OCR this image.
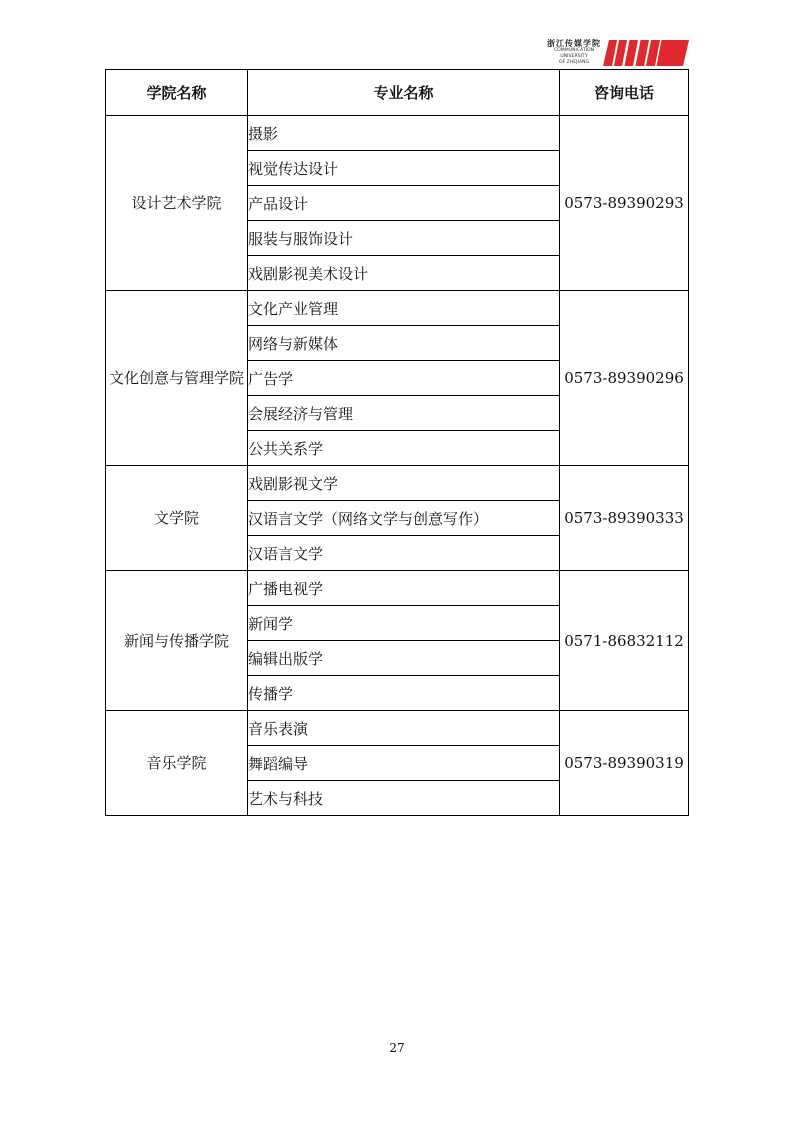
浙江传媒学院
COMMUNICATION
UNIVERSITY
OF ZHEJIANG
学院名称	专业名称	咨询电话
设计艺术学院	摄影	0573-89390293
	视觉传达设计	
	产品设计	
	服装与服饰设计	
	戏剧影视美术设计	
文化创意与管理学院	文化产业管理	0573-89390296
	网络与新媒体	
	广告学	
	会展经济与管理	
	公共关系学	
文学院	戏剧影视文学	0573-89390333
	汉语言文学（网络文学与创意写作）	
	汉语言文学	
新闻与传播学院	广播电视学	0571-86832112
	新闻学	
	编辑出版学	
	传播学	
音乐学院	音乐表演	0573-89390319
	舞蹈编导	
	艺术与科技	
27
